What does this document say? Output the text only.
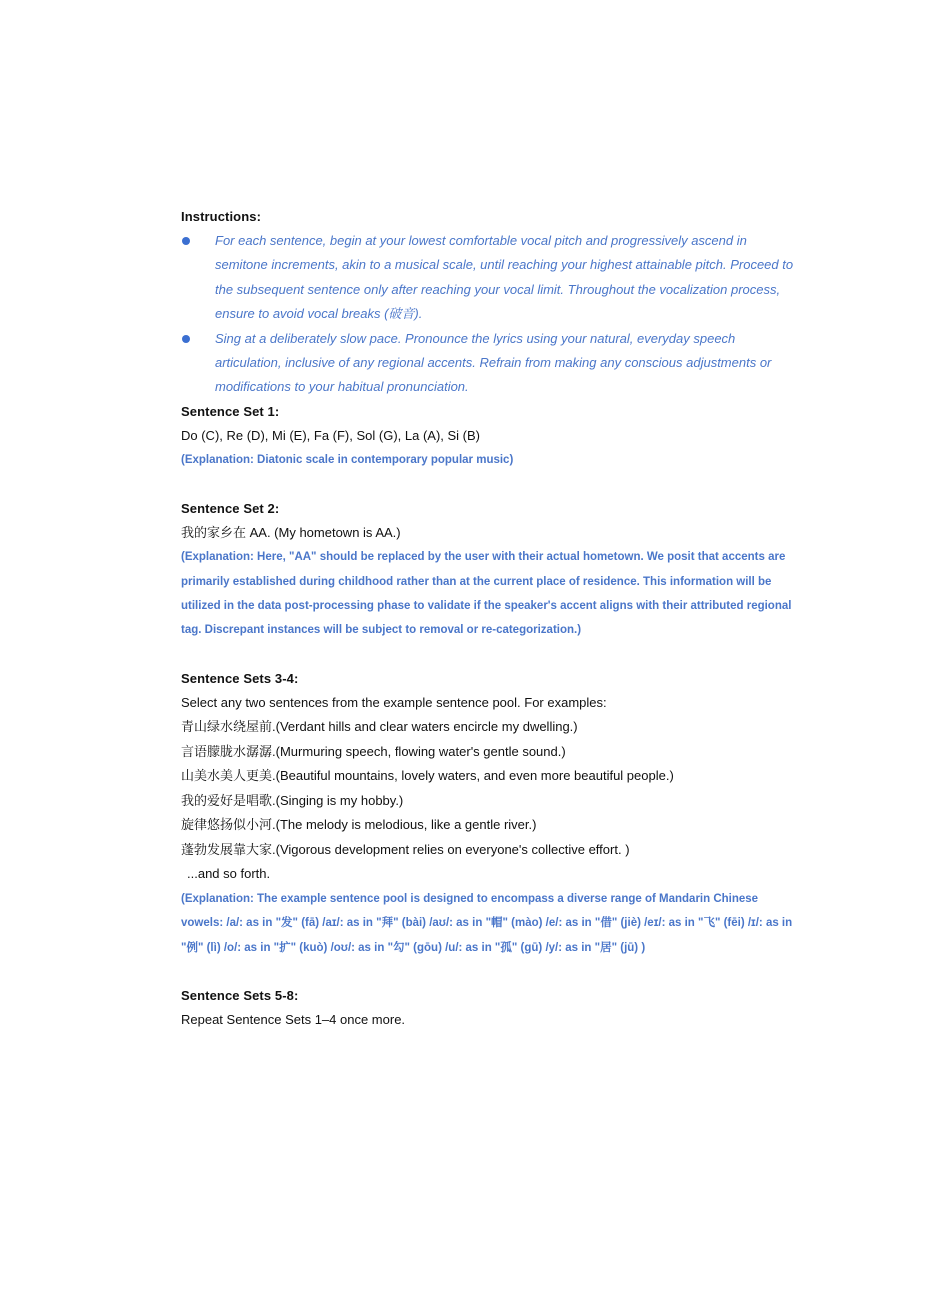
Instructions:
For each sentence, begin at your lowest comfortable vocal pitch and progressively ascend in semitone increments, akin to a musical scale, until reaching your highest attainable pitch. Proceed to the subsequent sentence only after reaching your vocal limit. Throughout the vocalization process, ensure to avoid vocal breaks (破音).
Sing at a deliberately slow pace. Pronounce the lyrics using your natural, everyday speech articulation, inclusive of any regional accents. Refrain from making any conscious adjustments or modifications to your habitual pronunciation.
Sentence Set 1:
Do (C), Re (D), Mi (E), Fa (F), Sol (G), La (A), Si (B)
(Explanation: Diatonic scale in contemporary popular music)
Sentence Set 2:
我的家乡在 AA. (My hometown is AA.)
(Explanation: Here, "AA" should be replaced by the user with their actual hometown. We posit that accents are primarily established during childhood rather than at the current place of residence. This information will be utilized in the data post-processing phase to validate if the speaker's accent aligns with their attributed regional tag. Discrepant instances will be subject to removal or re-categorization.)
Sentence Sets 3-4:
Select any two sentences from the example sentence pool. For examples:
青山绿水绕屋前.(Verdant hills and clear waters encircle my dwelling.)
言语朦胧水潺潺.(Murmuring speech, flowing water's gentle sound.)
山美水美人更美.(Beautiful mountains, lovely waters, and even more beautiful people.)
我的爱好是唱歌.(Singing is my hobby.)
旋律悠扬似小河.(The melody is melodious, like a gentle river.)
蓬勃发展靠大家.(Vigorous development relies on everyone's collective effort. )
...and so forth.
(Explanation: The example sentence pool is designed to encompass a diverse range of Mandarin Chinese vowels: /a/: as in "发" (fā) /aɪ/: as in "拜" (bài) /aʊ/: as in "帽" (mào) /e/: as in "借" (jiè) /eɪ/: as in "飞" (fēi) /ɪ/: as in "例" (lì) /o/: as in "扩" (kuò) /oʊ/: as in "勾" (gōu) /u/: as in "孤" (gū) /y/: as in "居" (jū) )
Sentence Sets 5-8:
Repeat Sentence Sets 1–4 once more.
